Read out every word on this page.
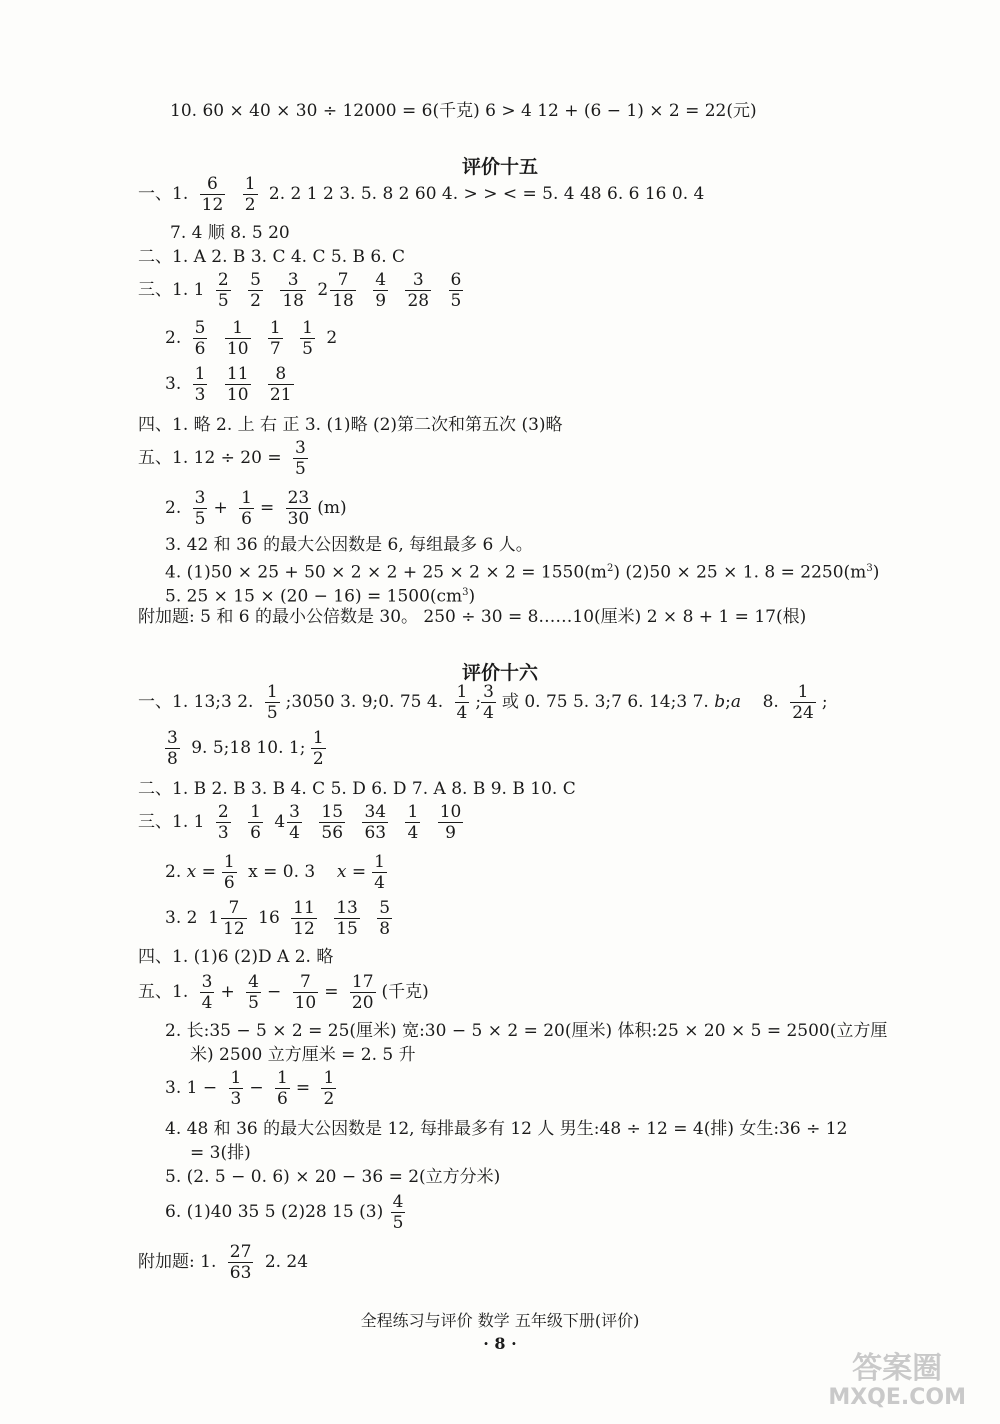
10. 60 × 40 × 30 ÷ 12000 = 6(千克) 6 > 4 12 + (6 − 1) × 2 = 22(元)
评价十五
一、1. $\frac{6}{12}$
$\frac{1}{2} 2$. 2 1 2 3. 5. 8 2 60 4. > > < = 5. 4 48 6. 6 16 0. 4
7. 4 顺 8. 5 20
二、1. A 2. B 3. C 4. C 5. B 6. C
三、1. $1 \frac{2}{5}$
$\frac{5}{2}$
$\frac{3}{18} 2 \frac{7}{18}$
$\frac{4}{9}$
$\frac{3}{28}$
$\frac{6}{5}$
2. $\frac{5}{6}$
$\frac{1}{10}$
$\frac{1}{7}$
$\frac{1}{5} 2$
3. $\frac{1}{3}$
$\frac{11}{10}$
$\frac{8}{21}$
四、1. 略 2. 上 右 正 3. (1)略 (2)第二次和第五次 (3)略
五、1. $12 \div 20 = \frac{3}{5}$
2. $\frac{3}{5} + \frac{1}{6} = \frac{23}{30} (m)$
3. 42 和 36 的最大公因数是 6, 每组最多 6 人。
4. $(1)50 \times 25 + 50 \times 2 \times 2 + 25 \times 2 \times 2 = 1550(m^2) (2)50 \times 25 \times 1$. $8 = 2250(m^3)$
5. $25 \times 15 \times (20 - 16) = 1500(cm^3)$
附加题: 5 和 6 的最小公倍数是 30。 250 ÷ 30 = 8……10(厘米) 2 × 8 + 1 = 17(根)
评价十六
一、1. 13;3 2. $\frac{1}{5}$ ;3050 3. 9;0. 75 4. $\frac{1}{4}$ ; $\frac{3}{4}$ 或 0. 75 5. 3;7 6. 14;3 7. b;a 8. $\frac{1}{24}$ ;
$\frac{3}{8} 9$. 5;18 10. 1; $\frac{1}{2}$
二、1. B 2. B 3. B 4. C 5. D 6. D 7. A 8. B 9. B 10. C
三、1. $1 \frac{2}{3}$
$\frac{1}{6} 4 \frac{3}{4}$
$\frac{15}{56}$
$\frac{34}{63}$
$\frac{1}{4}$
$\frac{10}{9}$
2. $x = \frac{1}{6}$ x = 0. 3 $x = \frac{1}{4}$
3. 2  $1 \frac{7}{12} 16 \frac{11}{12}$
$\frac{13}{15}$
$\frac{5}{8}$
四、1. (1)6 (2)D A 2. 略
五、1. $\frac{3}{4} + \frac{4}{5} - \frac{7}{10} = \frac{17}{20}$ (千克)
2. 长:35 − 5 × 2 = 25(厘米) 宽:30 − 5 × 2 = 20(厘米) 体积:25 × 20 × 5 = 2500(立方厘
米) 2500 立方厘米 = 2. 5 升
3. $1 - \frac{1}{3} - \frac{1}{6} = \frac{1}{2}$
4. 48 和 36 的最大公因数是 12, 每排最多有 12 人 男生:48 ÷ 12 = 4(排) 女生:36 ÷ 12
= 3(排)
5. (2. 5 − 0. 6) × 20 − 36 = 2(立方分米)
6. (1)40 35 5 (2)28 15 $(3) \frac{4}{5}$
附加题: 1. $\frac{27}{63} 2$. 24
全程练习与评价 数学 五年级下册(评价)
· 8 ·
答案圈
MXQE.COM
